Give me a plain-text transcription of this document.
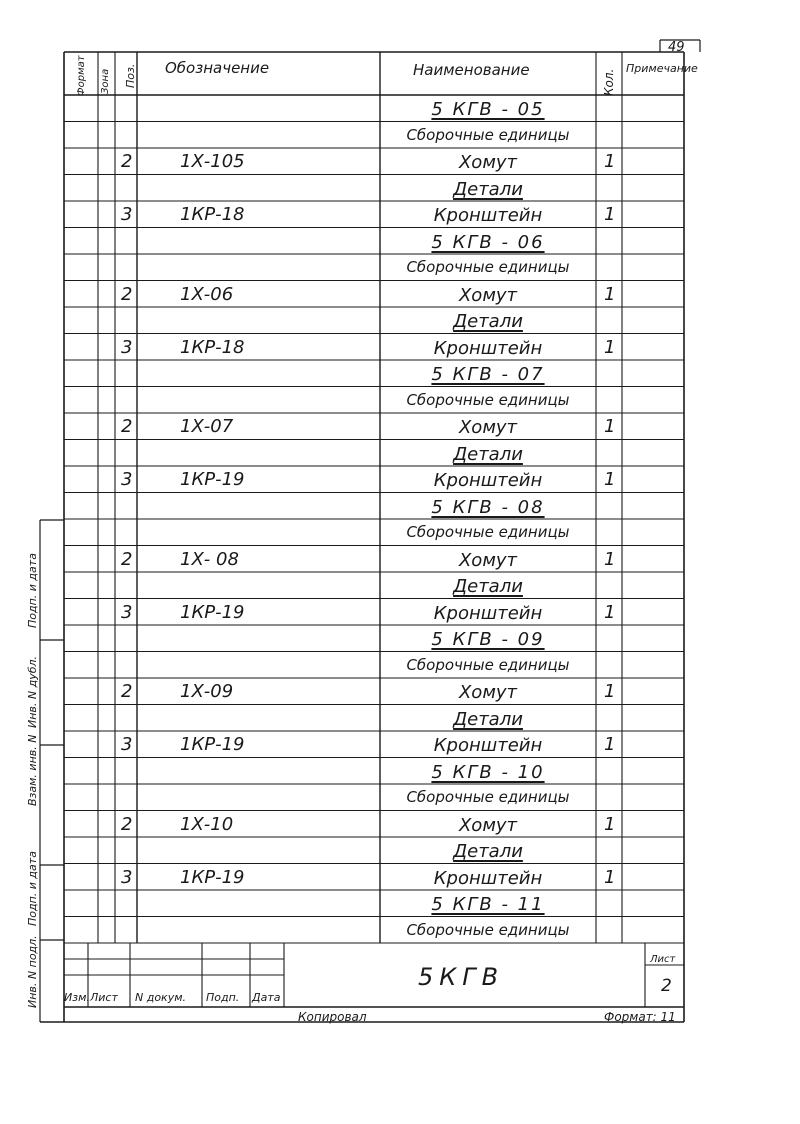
49
Формат Зона Поз. Обозначение	Наименование	Кол.
Примечание
5 КГВ - 05
Сборочные единицы
2	1Х-105	Хомут	1
Детали
3	1КР-18	Кронштейн	1
5 КГВ - 06
Сборочные единицы
2	1Х-06	Хомут	1
Детали
3	1КР-18	Кронштейн	1
5 КГВ - 07
Сборочные единицы
2	1Х-07	Хомут	1
Детали
3	1КР-19	Кронштейн	1
5 КГВ - 08
Сборочные единицы
2	1Х- 08	Хомут	1
Детали
3	1КР-19	Кронштейн	1
5 КГВ - 09
Сборочные единицы
2	1Х-09	Хомут	1
Детали
3	1КР-19	Кронштейн	1
5 КГВ - 10
Сборочные единицы
2	1Х-10	Хомут	1
Детали
3	1КР-19	Кронштейн	1
5 КГВ - 11
Сборочные единицы
Инв. N подл.
Подп. и дата
Взам. инв. N
Инв. N дубл.
Подп. и дата
5КГВ
Лист
2
Изм. Лист N докум. Подп. Дата
Копировал	Формат: 11
